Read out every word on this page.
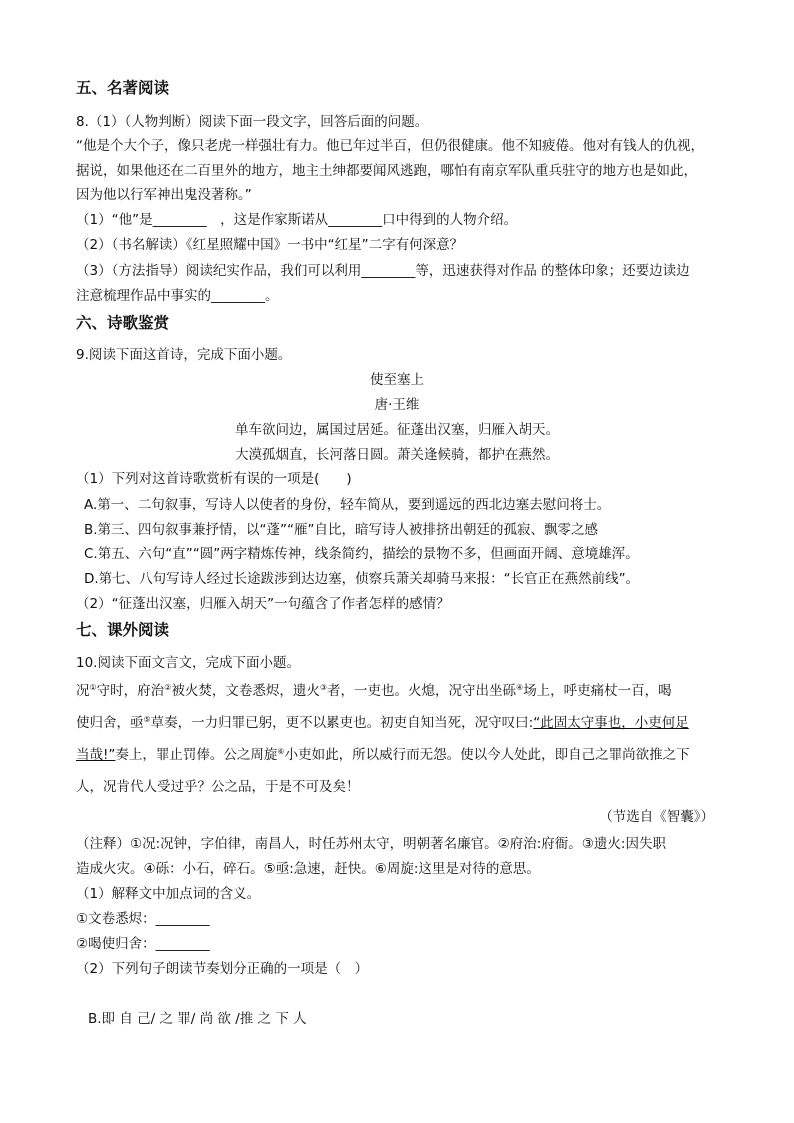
五、名著阅读
8.（1）（人物判断）阅读下面一段文字，回答后面的问题。
“他是个大个子，像只老虎一样强壮有力。他已年过半百，但仍很健康。他不知疲倦。他对有钱人的仇视，
据说，如果他还在二百里外的地方，地主土绅都要闻风逃跑，哪怕有南京军队重兵驻守的地方也是如此，
因为他以行军神出鬼没著称。”
（1）“他”是________　，这是作家斯诺从________口中得到的人物介绍。
（2）（书名解读）《红星照耀中国》一书中“红星”二字有何深意？
（3）（方法指导）阅读纪实作品，我们可以利用________等，迅速获得对作品 的整体印象；还要边读边
注意梳理作品中事实的________。
六、诗歌鉴赏
9.阅读下面这首诗，完成下面小题。
使至塞上
唐·王维
单车欲问边，属国过居延。征蓬出汉塞，归雁入胡天。
大漠孤烟直，长河落日圆。萧关逢候骑，都护在燕然。
（1）下列对这首诗歌赏析有误的一项是(　　)
A.第一、二句叙事，写诗人以使者的身份，轻车简从，要到遥远的西北边塞去慰问将士。
B.第三、四句叙事兼抒情，以“蓬”“雁”自比，暗写诗人被排挤出朝廷的孤寂、飘零之感
C.第五、六句“直”“圆”两字精炼传神，线条简约，描绘的景物不多，但画面开阔、意境雄浑。
D.第七、八句写诗人经过长途跋涉到达边塞，侦察兵萧关却骑马来报：“长官正在燕然前线”。
（2）“征蓬出汉塞，归雁入胡天”一句蕴含了作者怎样的感情？
七、课外阅读
10.阅读下面文言文，完成下面小题。
况①守时，府治②被火焚，文卷悉烬，遗火③者，一吏也。火熄，况守出坐砾④场上，呼吏痛杖一百，喝
使归舍，亟⑤草奏，一力归罪已躬，更不以累吏也。初吏自知当死，况守叹曰:“此固太守事也，小吏何足
当哉!”奏上，罪止罚俸。公之周旋⑥小吏如此，所以威行而无怨。使以今人处此，即自己之罪尚欲推之下
人，况肯代人受过乎？公之品，于是不可及矣！
（节选自《智囊》）
（注释）①况:况钟，字伯律，南昌人，时任苏州太守，明朝著名廉官。②府治:府衙。③遗火:因失职
造成火灾。④砾：小石，碎石。⑤亟:急速，赶快。⑥周旋:这里是对待的意思。
（1）解释文中加点词的含义。
①文卷悉烬：________
②喝使归舍：________
（2）下列句子朗读节奏划分正确的一项是（　）
B.即 自 己/ 之 罪/ 尚 欲 /推 之 下 人
